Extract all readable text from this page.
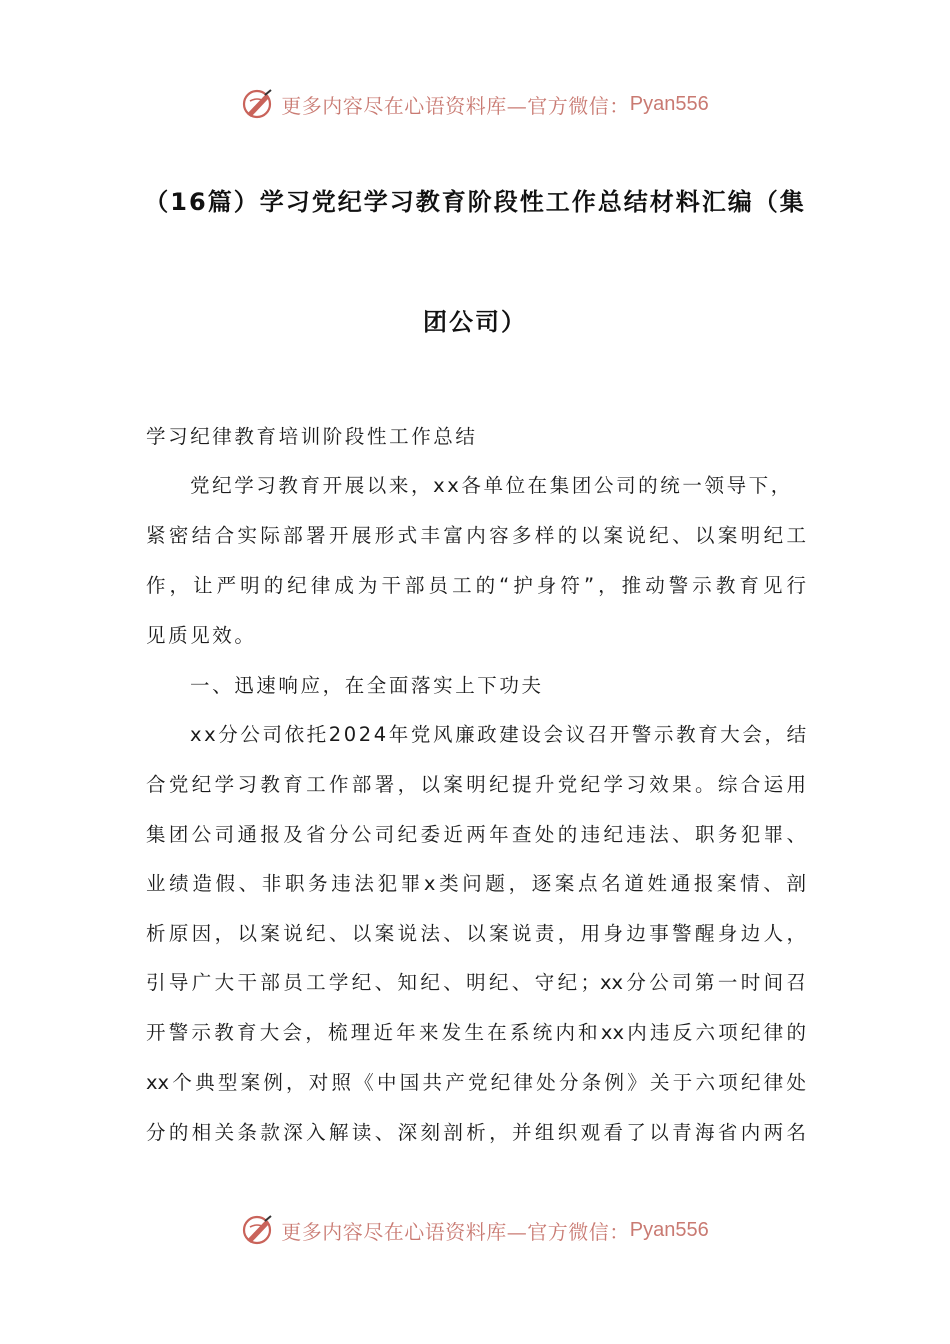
更多内容尽在心语资料库—官方微信： Pyan556
（16篇）学习党纪学习教育阶段性工作总结材料汇编（集
团公司）
学习纪律教育培训阶段性工作总结
党纪学习教育开展以来，xx各单位在集团公司的统一领导下，
紧密结合实际部署开展形式丰富内容多样的以案说纪、以案明纪工
作，让严明的纪律成为干部员工的“护身符”，推动警示教育见行
见质见效。
一、迅速响应，在全面落实上下功夫
xx分公司依托2024年党风廉政建设会议召开警示教育大会，结
合党纪学习教育工作部署，以案明纪提升党纪学习效果。综合运用
集团公司通报及省分公司纪委近两年查处的违纪违法、职务犯罪、
业绩造假、非职务违法犯罪x类问题，逐案点名道姓通报案情、剖
析原因，以案说纪、以案说法、以案说责，用身边事警醒身边人，
引导广大干部员工学纪、知纪、明纪、守纪；xx分公司第一时间召
开警示教育大会，梳理近年来发生在系统内和xx内违反六项纪律的
xx个典型案例，对照《中国共产党纪律处分条例》关于六项纪律处
分的相关条款深入解读、深刻剖析，并组织观看了以青海省内两名
更多内容尽在心语资料库—官方微信： Pyan556
